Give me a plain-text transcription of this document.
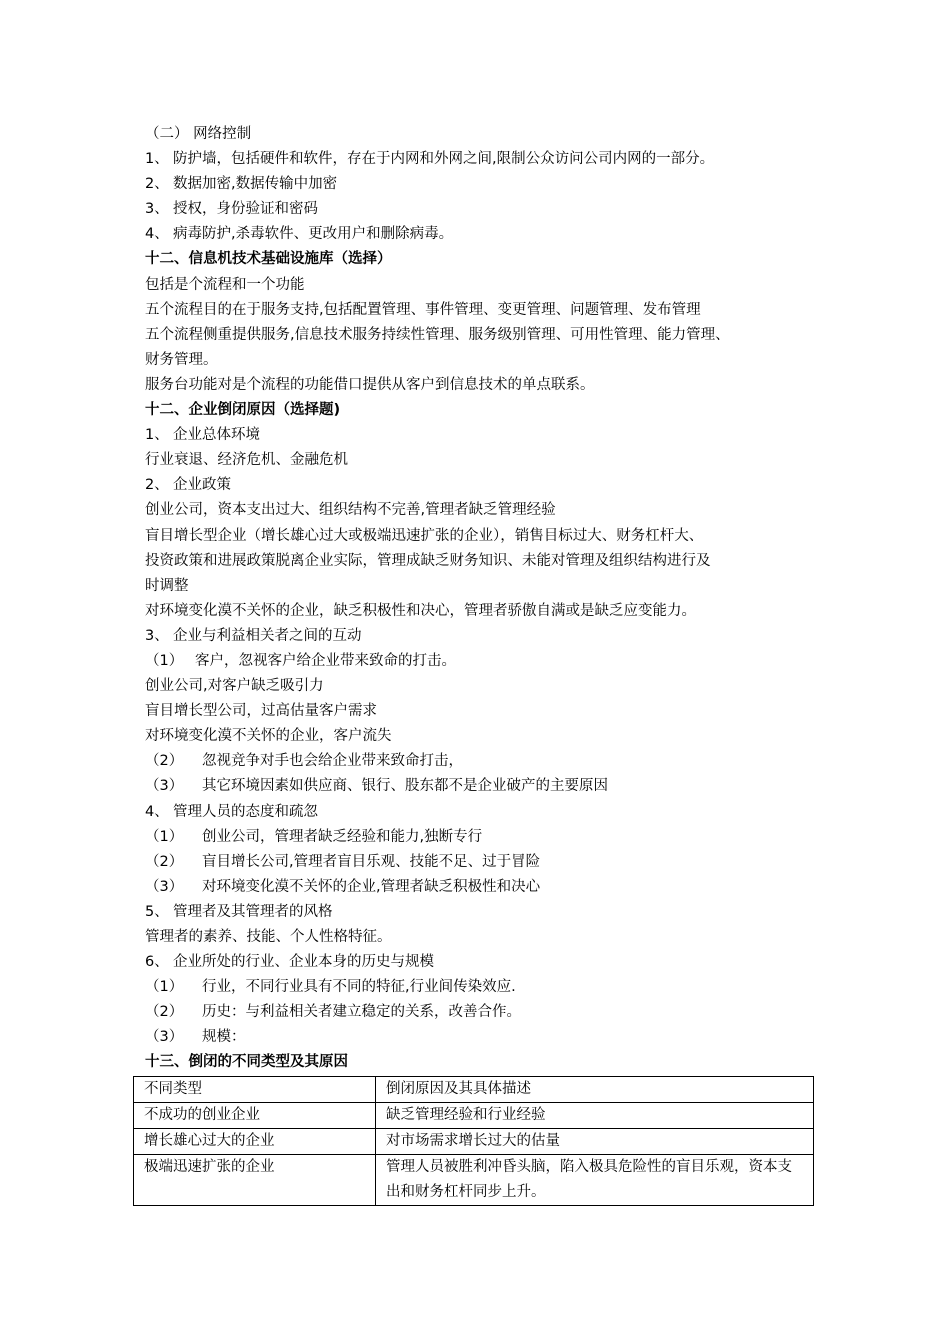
（二） 网络控制
1、 防护墙，包括硬件和软件，存在于内网和外网之间,限制公众访问公司内网的一部分。
2、 数据加密,数据传输中加密
3、 授权，身份验证和密码
4、 病毒防护,杀毒软件、更改用户和删除病毒。
十二、信息机技术基础设施库（选择）
包括是个流程和一个功能
五个流程目的在于服务支持,包括配置管理、事件管理、变更管理、问题管理、发布管理
五个流程侧重提供服务,信息技术服务持续性管理、服务级别管理、可用性管理、能力管理、
财务管理。
服务台功能对是个流程的功能借口提供从客户到信息技术的单点联系。
十二、企业倒闭原因（选择题)
1、 企业总体环境
行业衰退、经济危机、金融危机
2、 企业政策
创业公司，资本支出过大、组织结构不完善,管理者缺乏管理经验
盲目增长型企业（增长雄心过大或极端迅速扩张的企业），销售目标过大、财务杠杆大、
投资政策和进展政策脱离企业实际，管理成缺乏财务知识、未能对管理及组织结构进行及
时调整
对环境变化漠不关怀的企业，缺乏积极性和决心，管理者骄傲自满或是缺乏应变能力。
3、 企业与利益相关者之间的互动
（1） 客户，忽视客户给企业带来致命的打击。
创业公司,对客户缺乏吸引力
盲目增长型公司，过高估量客户需求
对环境变化漠不关怀的企业，客户流失
（2） 忽视竞争对手也会给企业带来致命打击，
（3） 其它环境因素如供应商、银行、股东都不是企业破产的主要原因
4、 管理人员的态度和疏忽
（1） 创业公司，管理者缺乏经验和能力,独断专行
（2） 盲目增长公司,管理者盲目乐观、技能不足、过于冒险
（3） 对环境变化漠不关怀的企业,管理者缺乏积极性和决心
5、 管理者及其管理者的风格
管理者的素养、技能、个人性格特征。
6、 企业所处的行业、企业本身的历史与规模
（1） 行业，不同行业具有不同的特征,行业间传染效应.
（2） 历史：与利益相关者建立稳定的关系，改善合作。
（3） 规模：
十三、倒闭的不同类型及其原因
不同类型	倒闭原因及其具体描述
不成功的创业企业	缺乏管理经验和行业经验
增长雄心过大的企业	对市场需求增长过大的估量
极端迅速扩张的企业	管理人员被胜利冲昏头脑，陷入极具危险性的盲目乐观，资本支出和财务杠杆同步上升。
